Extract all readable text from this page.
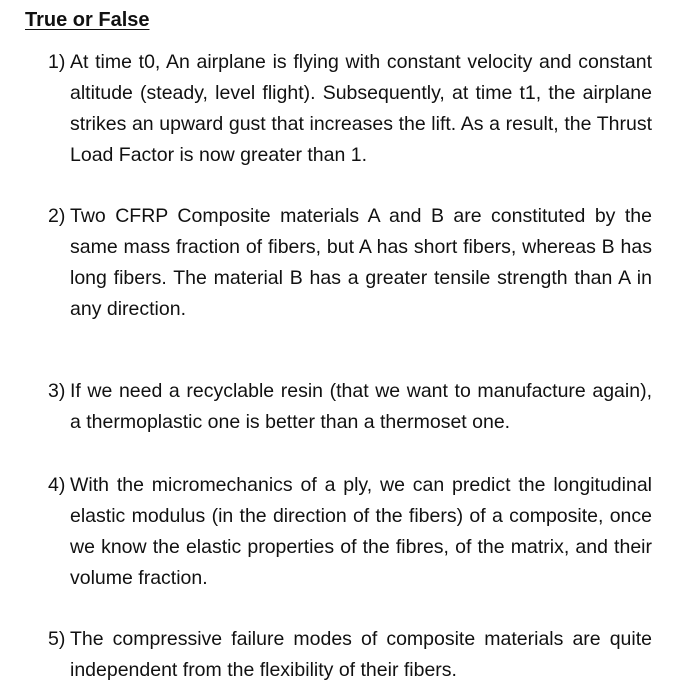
True or False
1) At time t0, An airplane is flying with constant velocity and constant altitude (steady, level flight). Subsequently, at time t1, the airplane strikes an upward gust that increases the lift. As a result, the Thrust Load Factor is now greater than 1.
2) Two CFRP Composite materials A and B are constituted by the same mass fraction of fibers, but A has short fibers, whereas B has long fibers. The material B has a greater tensile strength than A in any direction.
3) If we need a recyclable resin (that we want to manufacture again), a thermoplastic one is better than a thermoset one.
4) With the micromechanics of a ply, we can predict the longitudinal elastic modulus (in the direction of the fibers) of a composite, once we know the elastic properties of the fibres, of the matrix, and their volume fraction.
5) The compressive failure modes of composite materials are quite independent from the flexibility of their fibers.
